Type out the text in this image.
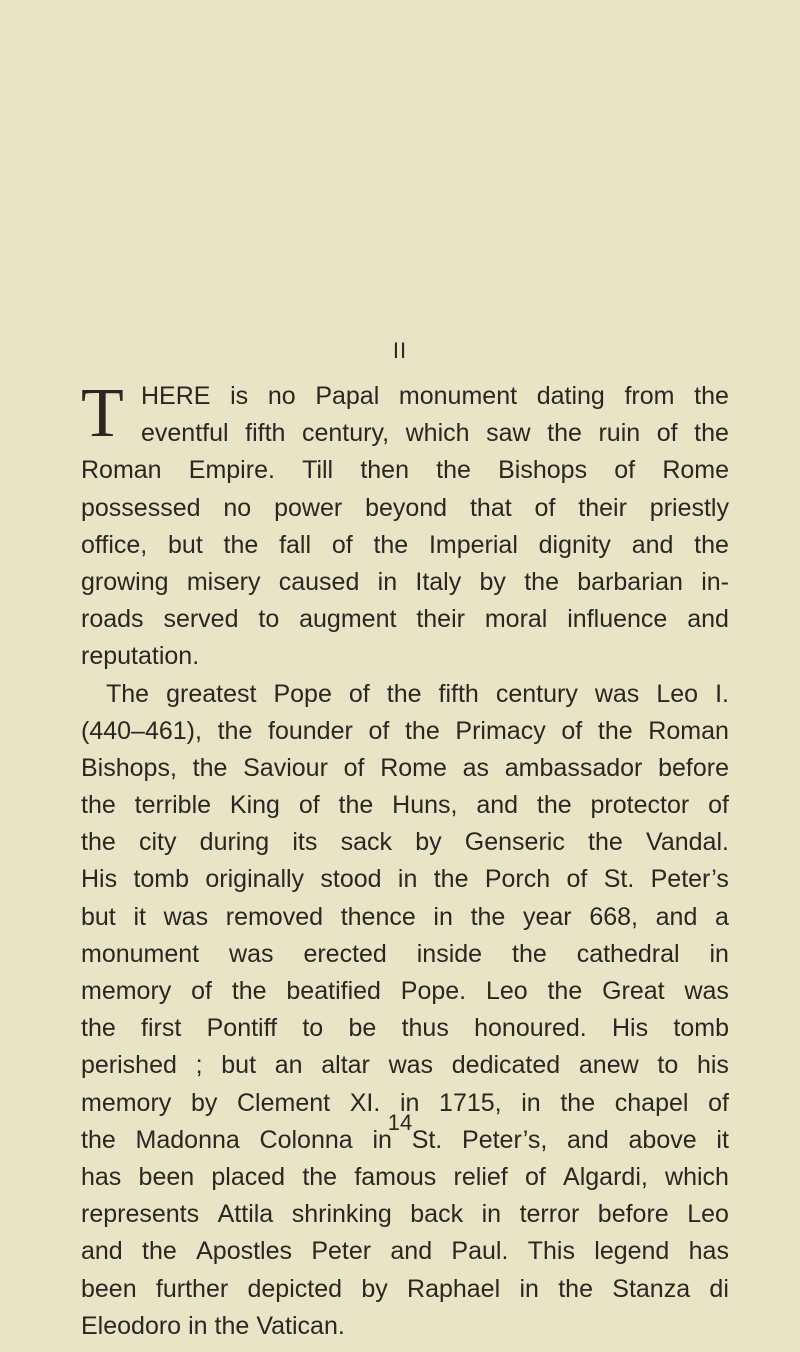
II
T HERE is no Papal monument dating from the
eventful fifth century, which saw the ruin of the
Roman Empire. Till then the Bishops of Rome
possessed no power beyond that of their priestly
office, but the fall of the Imperial dignity and the
growing misery caused in Italy by the barbarian in-
roads served to augment their moral influence and
reputation.
The greatest Pope of the fifth century was Leo I.
(440–461), the founder of the Primacy of the Roman
Bishops, the Saviour of Rome as ambassador before
the terrible King of the Huns, and the protector of
the city during its sack by Genseric the Vandal.
His tomb originally stood in the Porch of St. Peter’s
but it was removed thence in the year 668, and a
monument was erected inside the cathedral in
memory of the beatified Pope. Leo the Great was
the first Pontiff to be thus honoured. His tomb
perished ; but an altar was dedicated anew to his
memory by Clement XI. in 1715, in the chapel of
the Madonna Colonna in St. Peter’s, and above it
has been placed the famous relief of Algardi, which
represents Attila shrinking back in terror before Leo
and the Apostles Peter and Paul. This legend has
been further depicted by Raphael in the Stanza di
Eleodoro in the Vatican.
14
